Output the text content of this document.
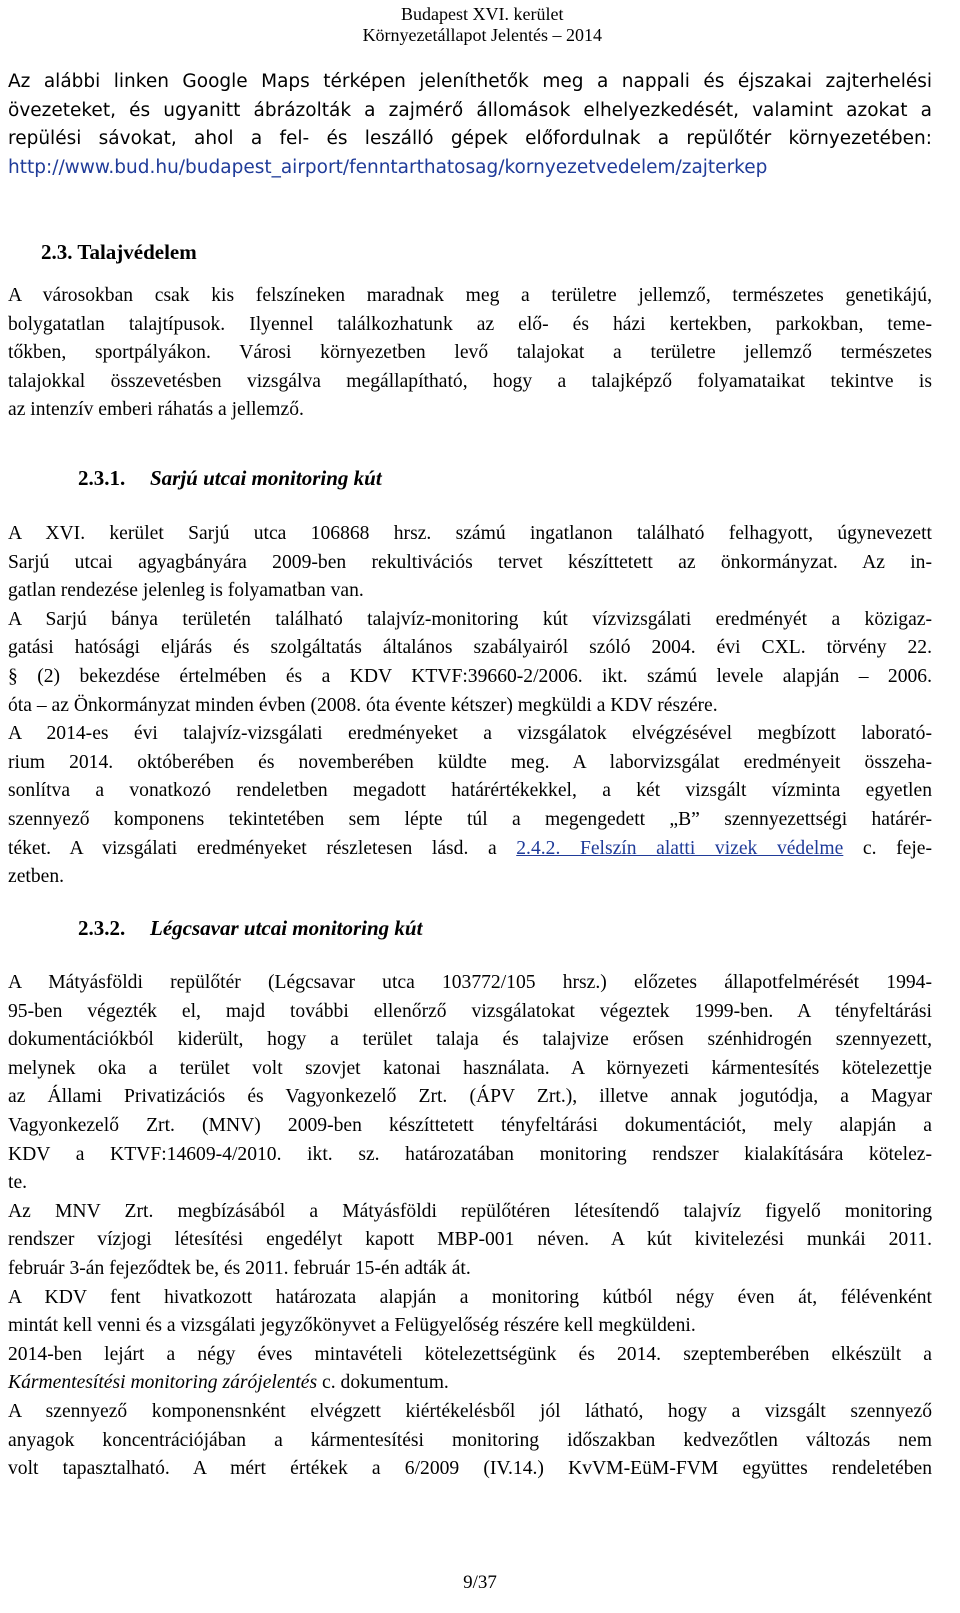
Budapest XVI. kerület
Környezetállapot Jelentés – 2014
Az alábbi linken Google Maps térképen jeleníthetők meg a nappali és éjszakai zajterhelési
övezeteket, és ugyanitt ábrázolták a zajmérő állomások elhelyezkedését, valamint azokat a
repülési sávokat, ahol a fel- és leszálló gépek előfordulnak a repülőtér környezetében:
http://www.bud.hu/budapest_airport/fenntarthatosag/kornyezetvedelem/zajterkep
2.3. Talajvédelem
A városokban csak kis felszíneken maradnak meg a területre jellemző, természetes genetikájú,
bolygatatlan talajtípusok. Ilyennel találkozhatunk az elő- és házi kertekben, parkokban, teme-
tőkben, sportpályákon. Városi környezetben levő talajokat a területre jellemző természetes
talajokkal összevetésben vizsgálva megállapítható, hogy a talajképző folyamataikat tekintve is
az intenzív emberi ráhatás a jellemző.
2.3.1. Sarjú utcai monitoring kút
A XVI. kerület Sarjú utca 106868 hrsz. számú ingatlanon található felhagyott, úgynevezett
Sarjú utcai agyagbányára 2009-ben rekultivációs tervet készíttetett az önkormányzat. Az in-
gatlan rendezése jelenleg is folyamatban van.
A Sarjú bánya területén található talajvíz-monitoring kút vízvizsgálati eredményét a közigaz-
gatási hatósági eljárás és szolgáltatás általános szabályairól szóló 2004. évi CXL. törvény 22.
§ (2) bekezdése értelmében és a KDV KTVF:39660-2/2006. ikt. számú levele alapján – 2006.
óta – az Önkormányzat minden évben (2008. óta évente kétszer) megküldi a KDV részére.
A 2014-es évi talajvíz-vizsgálati eredményeket a vizsgálatok elvégzésével megbízott laborató-
rium 2014. októberében és novemberében küldte meg. A laborvizsgálat eredményeit összeha-
sonlítva a vonatkozó rendeletben megadott határértékekkel, a két vizsgált vízminta egyetlen
szennyező komponens tekintetében sem lépte túl a megengedett „B” szennyezettségi határér-
téket. A vizsgálati eredményeket részletesen lásd. a 2.4.2. Felszín alatti vizek védelme c. feje-
zetben.
2.3.2. Légcsavar utcai monitoring kút
A Mátyásföldi repülőtér (Légcsavar utca 103772/105 hrsz.) előzetes állapotfelmérését 1994-
95-ben végezték el, majd további ellenőrző vizsgálatokat végeztek 1999-ben. A tényfeltárási
dokumentációkból kiderült, hogy a terület talaja és talajvize erősen szénhidrogén szennyezett,
melynek oka a terület volt szovjet katonai használata. A környezeti kármentesítés kötelezettje
az Állami Privatizációs és Vagyonkezelő Zrt. (ÁPV Zrt.), illetve annak jogutódja, a Magyar
Vagyonkezelő Zrt. (MNV) 2009-ben készíttetett tényfeltárási dokumentációt, mely alapján a
KDV a KTVF:14609-4/2010. ikt. sz. határozatában monitoring rendszer kialakítására kötelez-
te.
Az MNV Zrt. megbízásából a Mátyásföldi repülőtéren létesítendő talajvíz figyelő monitoring
rendszer vízjogi létesítési engedélyt kapott MBP-001 néven. A kút kivitelezési munkái 2011.
február 3-án fejeződtek be, és 2011. február 15-én adták át.
A KDV fent hivatkozott határozata alapján a monitoring kútból négy éven át, félévenként
mintát kell venni és a vizsgálati jegyzőkönyvet a Felügyelőség részére kell megküldeni.
2014-ben lejárt a négy éves mintavételi kötelezettségünk és 2014. szeptemberében elkészült a
Kármentesítési monitoring zárójelentés c. dokumentum.
A szennyező komponensnként elvégzett kiértékelésből jól látható, hogy a vizsgált szennyező
anyagok koncentrációjában a kármentesítési monitoring időszakban kedvezőtlen változás nem
volt tapasztalható. A mért értékek a 6/2009 (IV.14.) KvVM-EüM-FVM együttes rendeletében
9/37
